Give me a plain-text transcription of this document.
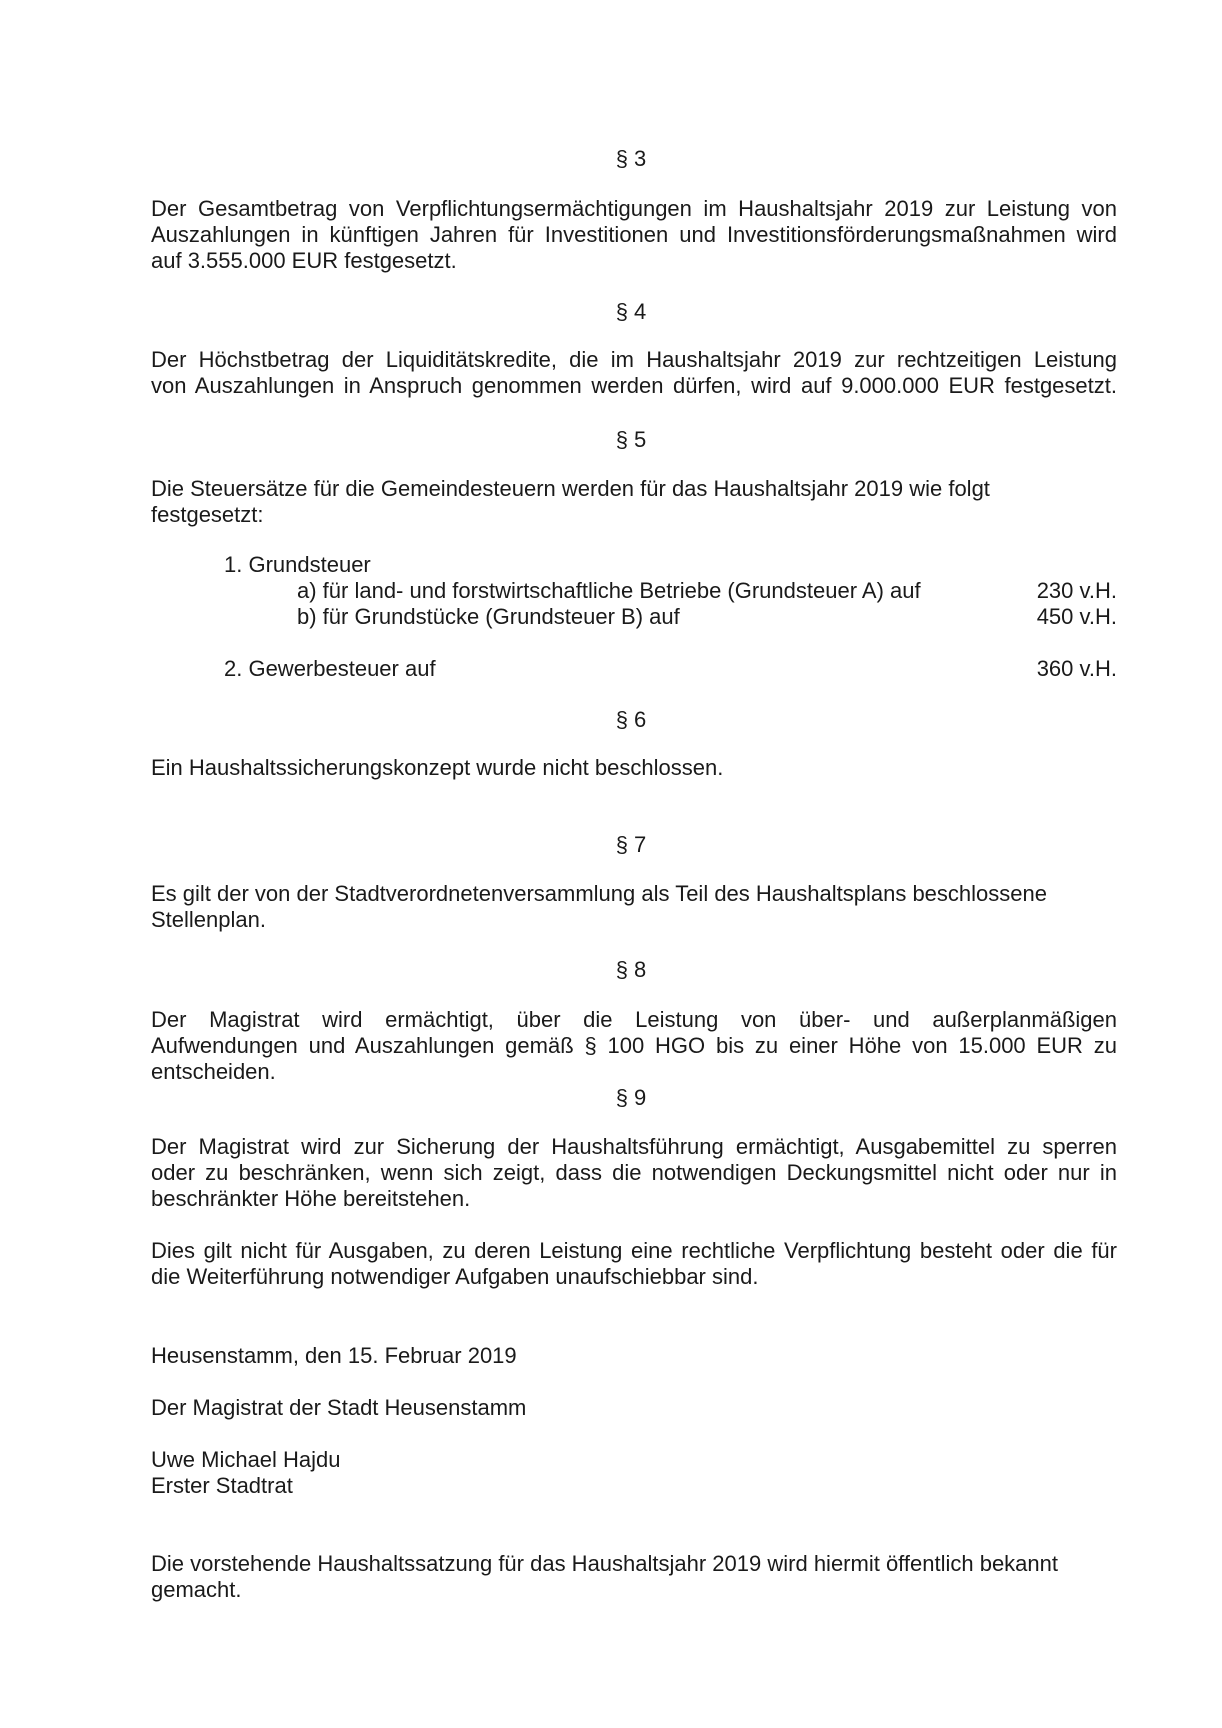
§ 3
Der Gesamtbetrag von Verpflichtungsermächtigungen im Haushaltsjahr 2019 zur Leistung von
Auszahlungen in künftigen Jahren für Investitionen und Investitionsförderungsmaßnahmen wird
auf 3.555.000 EUR festgesetzt.
§ 4
Der Höchstbetrag der Liquiditätskredite, die im Haushaltsjahr 2019 zur rechtzeitigen Leistung
von Auszahlungen in Anspruch genommen werden dürfen, wird auf 9.000.000 EUR festgesetzt.
§ 5
Die Steuersätze für die Gemeindesteuern werden für das Haushaltsjahr 2019 wie folgt
festgesetzt:
1. Grundsteuer
a) für land- und forstwirtschaftliche Betriebe (Grundsteuer A) auf	230 v.H.
b) für Grundstücke (Grundsteuer B) auf	450 v.H.
2. Gewerbesteuer auf	360 v.H.
§ 6
Ein Haushaltssicherungskonzept wurde nicht beschlossen.
§ 7
Es gilt der von der Stadtverordnetenversammlung als Teil des Haushaltsplans beschlossene
Stellenplan.
§ 8
Der Magistrat wird ermächtigt, über die Leistung von über- und außerplanmäßigen
Aufwendungen und Auszahlungen gemäß § 100 HGO bis zu einer Höhe von 15.000 EUR zu
entscheiden.
§ 9
Der Magistrat wird zur Sicherung der Haushaltsführung ermächtigt, Ausgabemittel zu sperren
oder zu beschränken, wenn sich zeigt, dass die notwendigen Deckungsmittel nicht oder nur in
beschränkter Höhe bereitstehen.
Dies gilt nicht für Ausgaben, zu deren Leistung eine rechtliche Verpflichtung besteht oder die für
die Weiterführung notwendiger Aufgaben unaufschiebbar sind.
Heusenstamm, den 15. Februar 2019
Der Magistrat der Stadt Heusenstamm
Uwe Michael Hajdu
Erster Stadtrat
Die vorstehende Haushaltssatzung für das Haushaltsjahr 2019 wird hiermit öffentlich bekannt
gemacht.
